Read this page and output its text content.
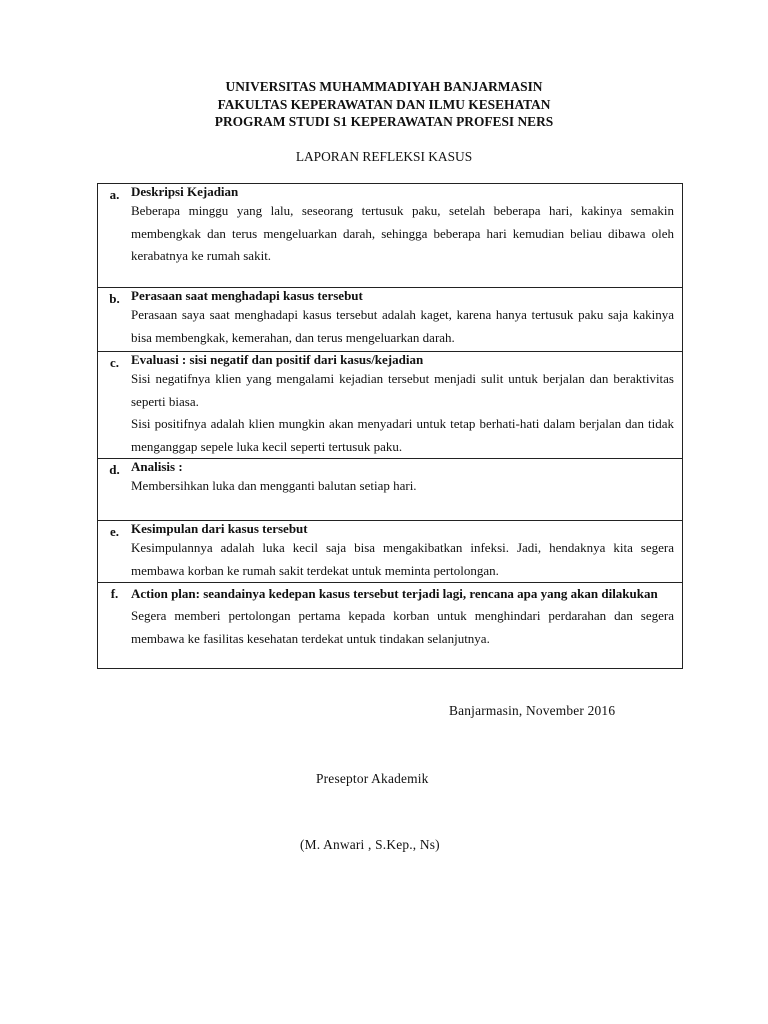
UNIVERSITAS MUHAMMADIYAH BANJARMASIN
FAKULTAS KEPERAWATAN DAN ILMU KESEHATAN
PROGRAM STUDI S1 KEPERAWATAN PROFESI NERS
LAPORAN REFLEKSI KASUS
a.	Deskripsi Kejadian
Beberapa minggu yang lalu, seseorang tertusuk paku, setelah beberapa hari, kakinya semakin membengkak dan terus mengeluarkan darah, sehingga beberapa hari kemudian beliau dibawa oleh kerabatnya ke rumah sakit.

b.	Perasaan saat menghadapi kasus tersebut
Perasaan saya saat menghadapi kasus tersebut adalah kaget, karena hanya tertusuk paku saja kakinya bisa membengkak, kemerahan, dan terus mengeluarkan darah.

c.	Evaluasi : sisi negatif dan positif dari kasus/kejadian
Sisi negatifnya klien yang mengalami kejadian tersebut menjadi sulit untuk berjalan dan beraktivitas seperti biasa.
Sisi positifnya adalah klien mungkin akan menyadari untuk tetap berhati-hati dalam berjalan dan tidak menganggap sepele luka kecil seperti tertusuk paku.

d.	Analisis :
Membersihkan luka dan mengganti balutan setiap hari.

e.	Kesimpulan dari kasus tersebut
Kesimpulannya adalah luka kecil saja bisa mengakibatkan infeksi. Jadi, hendaknya kita segera membawa korban ke rumah sakit terdekat untuk meminta pertolongan.

f.	Action plan: seandainya kedepan kasus tersebut terjadi lagi, rencana apa yang akan dilakukan
Segera memberi pertolongan pertama kepada korban untuk menghindari perdarahan dan segera membawa ke fasilitas kesehatan terdekat untuk tindakan selanjutnya.
Banjarmasin, November 2016
Preseptor Akademik
(M. Anwari , S.Kep., Ns)
